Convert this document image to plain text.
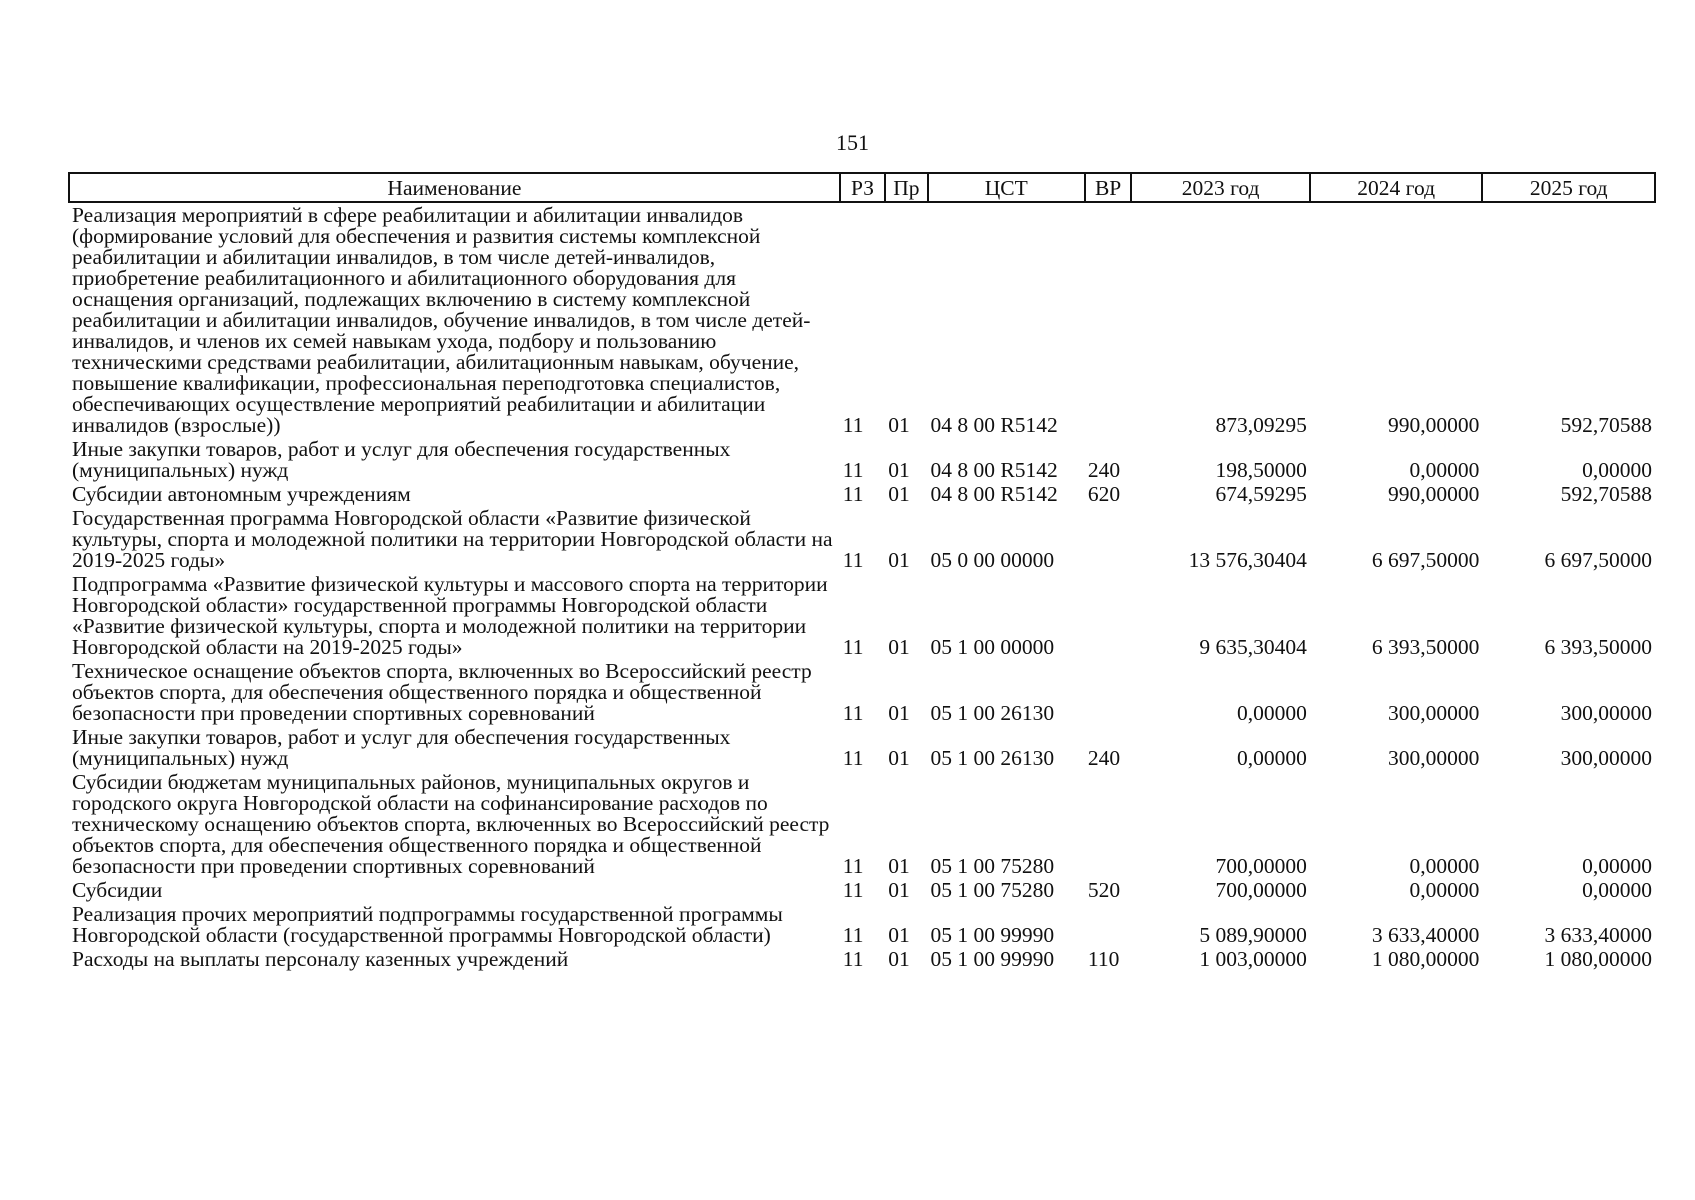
151
Наименование	РЗ	Пр	ЦСТ	ВР	2023 год	2024 год	2025 год
Реализация мероприятий в сфере реабилитации и абилитации инвалидов (формирование условий для обеспечения и развития системы комплексной реабилитации и абилитации инвалидов, в том числе детей-инвалидов, приобретение реабилитационного и абилитационного оборудования для оснащения организаций, подлежащих включению в систему комплексной реабилитации и абилитации инвалидов, обучение инвалидов, в том числе детей-инвалидов, и членов их семей навыкам ухода, подбору и пользованию техническими средствами реабилитации, абилитационным навыкам, обучение, повышение квалификации, профессиональная переподготовка специалистов, обеспечивающих осуществление мероприятий реабилитации и абилитации инвалидов (взрослые))	11	01	04 8 00 R5142		873,09295	990,00000	592,70588
Иные закупки товаров, работ и услуг для обеспечения государственных (муниципальных) нужд	11	01	04 8 00 R5142	240	198,50000	0,00000	0,00000
Субсидии автономным учреждениям	11	01	04 8 00 R5142	620	674,59295	990,00000	592,70588
Государственная программа Новгородской области «Развитие физической культуры, спорта и молодежной политики на территории Новгородской области на 2019-2025 годы»	11	01	05 0 00 00000		13 576,30404	6 697,50000	6 697,50000
Подпрограмма «Развитие физической культуры и массового спорта на территории Новгородской области» государственной программы Новгородской области «Развитие физической культуры, спорта и молодежной политики на территории Новгородской области на 2019-2025 годы»	11	01	05 1 00 00000		9 635,30404	6 393,50000	6 393,50000
Техническое оснащение объектов спорта, включенных во Всероссийский реестр объектов спорта, для обеспечения общественного порядка и общественной безопасности при проведении спортивных соревнований	11	01	05 1 00 26130		0,00000	300,00000	300,00000
Иные закупки товаров, работ и услуг для обеспечения государственных (муниципальных) нужд	11	01	05 1 00 26130	240	0,00000	300,00000	300,00000
Субсидии бюджетам муниципальных районов, муниципальных округов и городского округа Новгородской области на софинансирование расходов по техническому оснащению объектов спорта, включенных во Всероссийский реестр объектов спорта, для обеспечения общественного порядка и общественной безопасности при проведении спортивных соревнований	11	01	05 1 00 75280		700,00000	0,00000	0,00000
Субсидии	11	01	05 1 00 75280	520	700,00000	0,00000	0,00000
Реализация прочих мероприятий подпрограммы государственной программы Новгородской области (государственной программы Новгородской области)	11	01	05 1 00 99990		5 089,90000	3 633,40000	3 633,40000
Расходы на выплаты персоналу казенных учреждений	11	01	05 1 00 99990	110	1 003,00000	1 080,00000	1 080,00000
